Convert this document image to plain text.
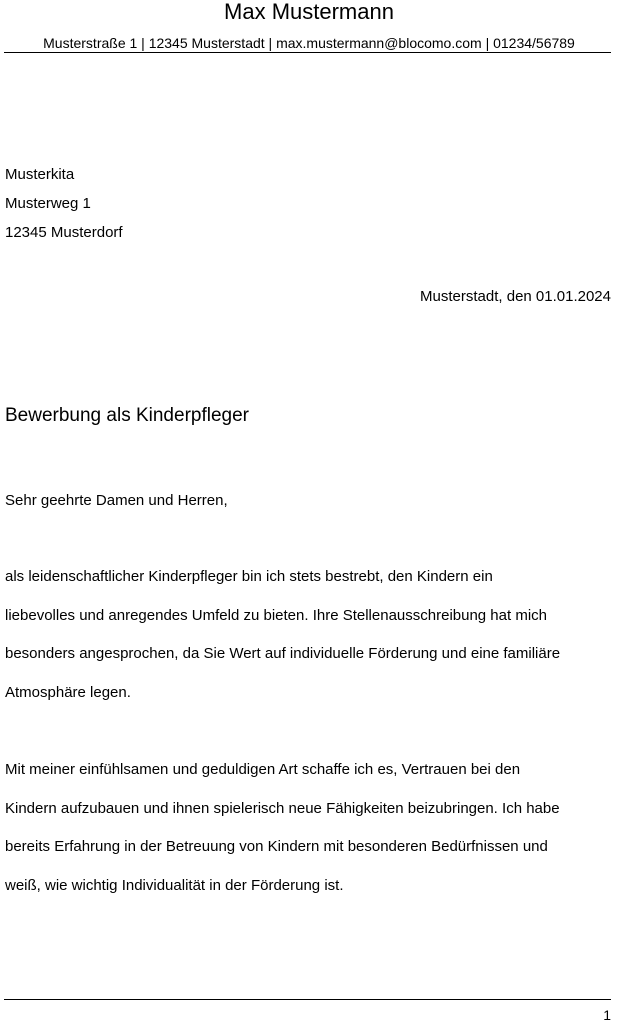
Max Mustermann
Musterstraße 1 | 12345 Musterstadt | max.mustermann@blocomo.com | 01234/56789
Musterkita
Musterweg 1
12345 Musterdorf
Musterstadt, den 01.01.2024
Bewerbung als Kinderpfleger
Sehr geehrte Damen und Herren,
als leidenschaftlicher Kinderpfleger bin ich stets bestrebt, den Kindern ein
liebevolles und anregendes Umfeld zu bieten. Ihre Stellenausschreibung hat mich
besonders angesprochen, da Sie Wert auf individuelle Förderung und eine familiäre
Atmosphäre legen.
Mit meiner einfühlsamen und geduldigen Art schaffe ich es, Vertrauen bei den
Kindern aufzubauen und ihnen spielerisch neue Fähigkeiten beizubringen. Ich habe
bereits Erfahrung in der Betreuung von Kindern mit besonderen Bedürfnissen und
weiß, wie wichtig Individualität in der Förderung ist.
1
